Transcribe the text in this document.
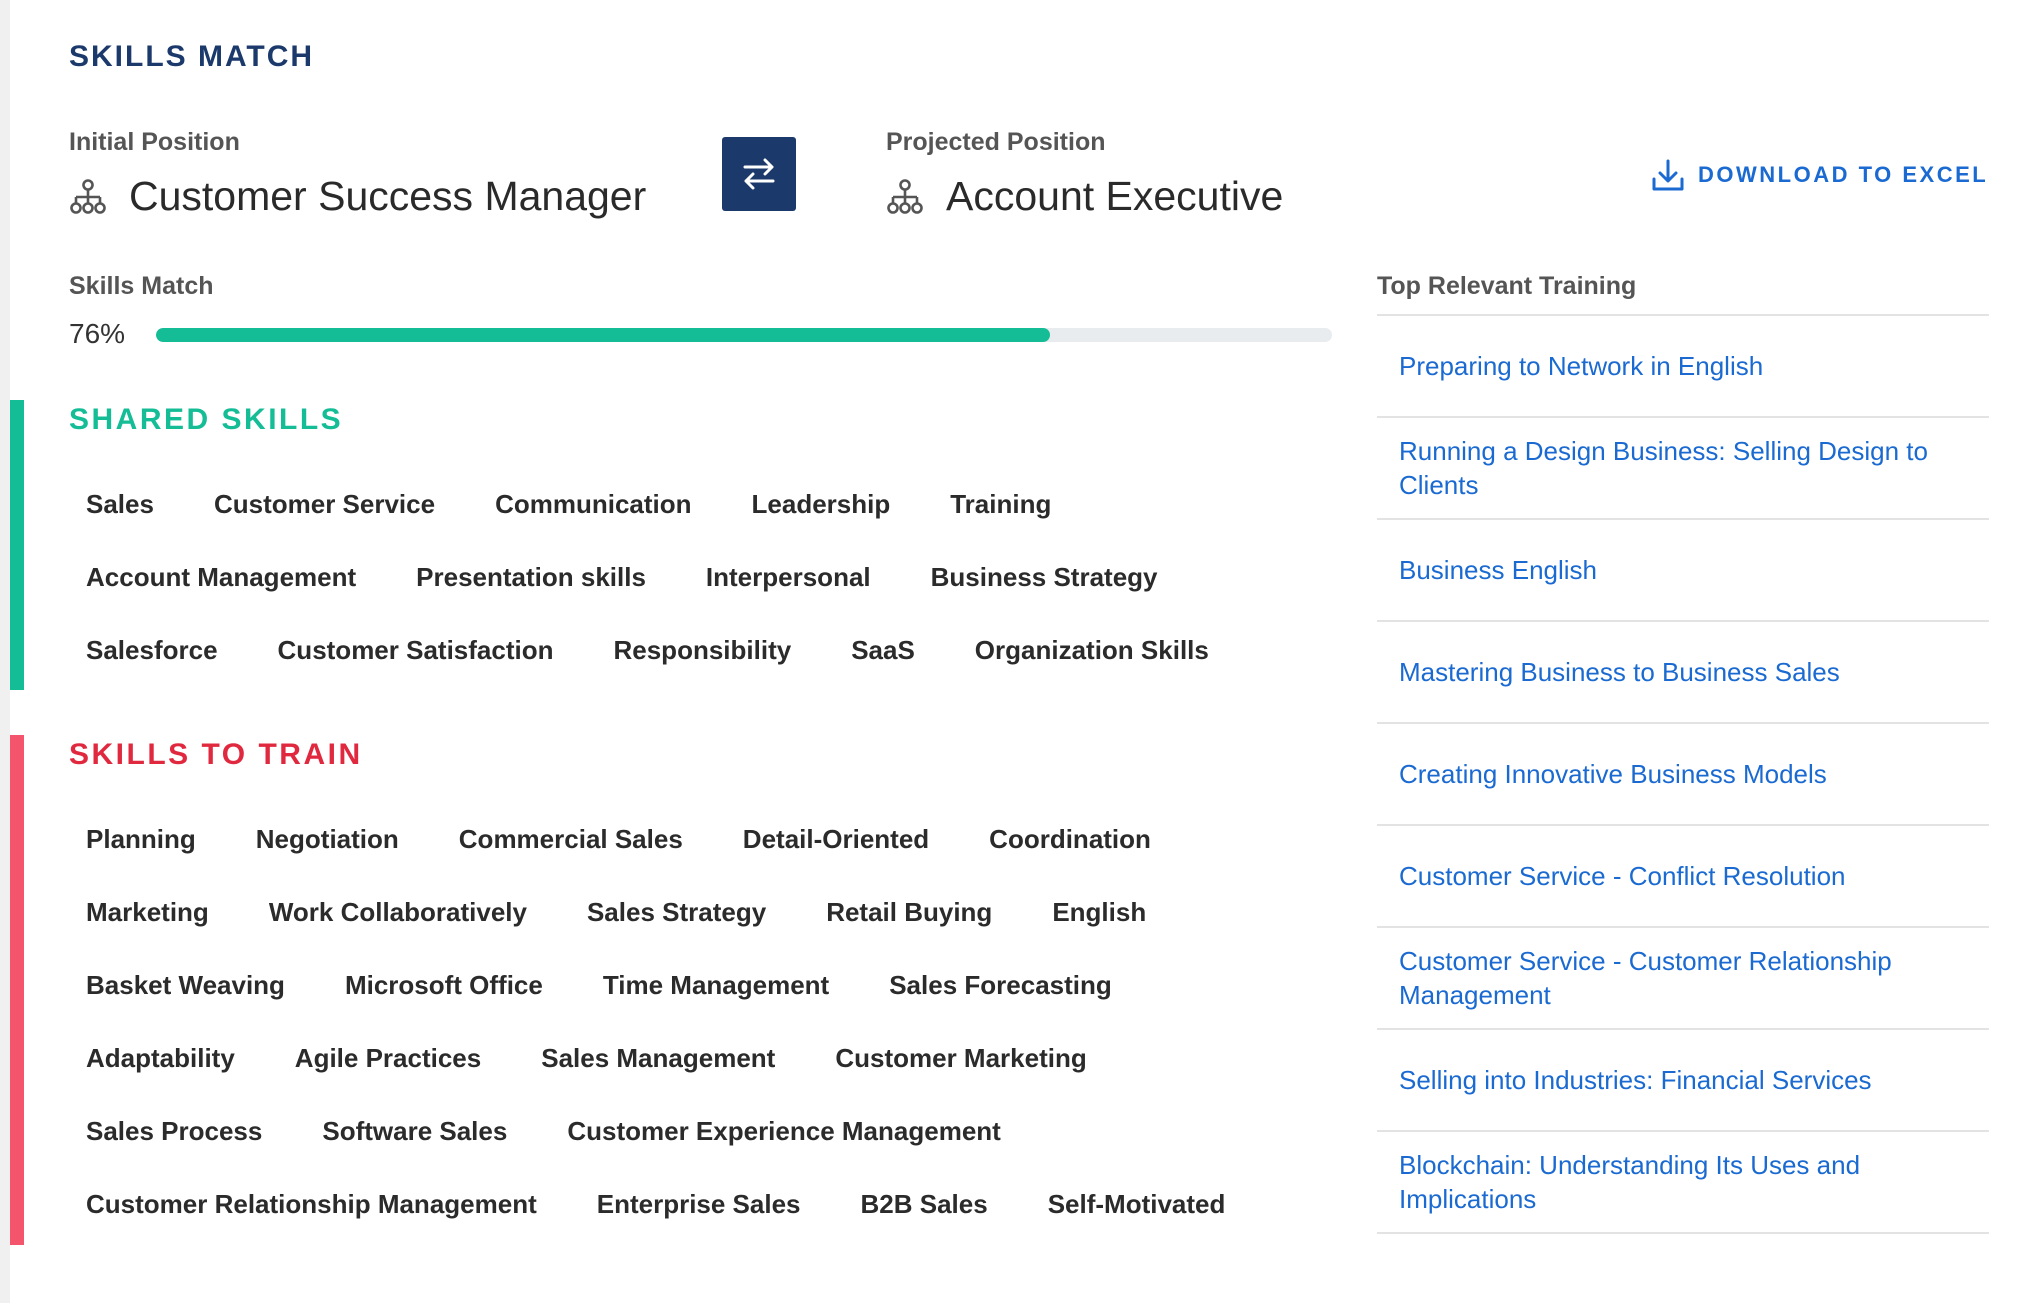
SKILLS MATCH
Initial Position
Customer Success Manager
Projected Position
Account Executive	DOWNLOAD TO EXCEL
Skills Match
76%
SHARED SKILLS
Sales	Customer Service	Communication	Leadership	Training
Account Management	Presentation skills	Interpersonal	Business Strategy
Salesforce	Customer Satisfaction	Responsibility	SaaS	Organization Skills
SKILLS TO TRAIN
Planning	Negotiation	Commercial Sales	Detail-Oriented	Coordination
Marketing	Work Collaboratively	Sales Strategy	Retail Buying	English
Basket Weaving	Microsoft Office	Time Management	Sales Forecasting
Adaptability	Agile Practices	Sales Management	Customer Marketing
Sales Process	Software Sales	Customer Experience Management
Customer Relationship Management	Enterprise Sales	B2B Sales	Self-Motivated
Top Relevant Training
Preparing to Network in English
Running a Design Business: Selling Design to Clients
Business English
Mastering Business to Business Sales
Creating Innovative Business Models
Customer Service - Conflict Resolution
Customer Service - Customer Relationship Management
Selling into Industries: Financial Services
Blockchain: Understanding Its Uses and Implications
